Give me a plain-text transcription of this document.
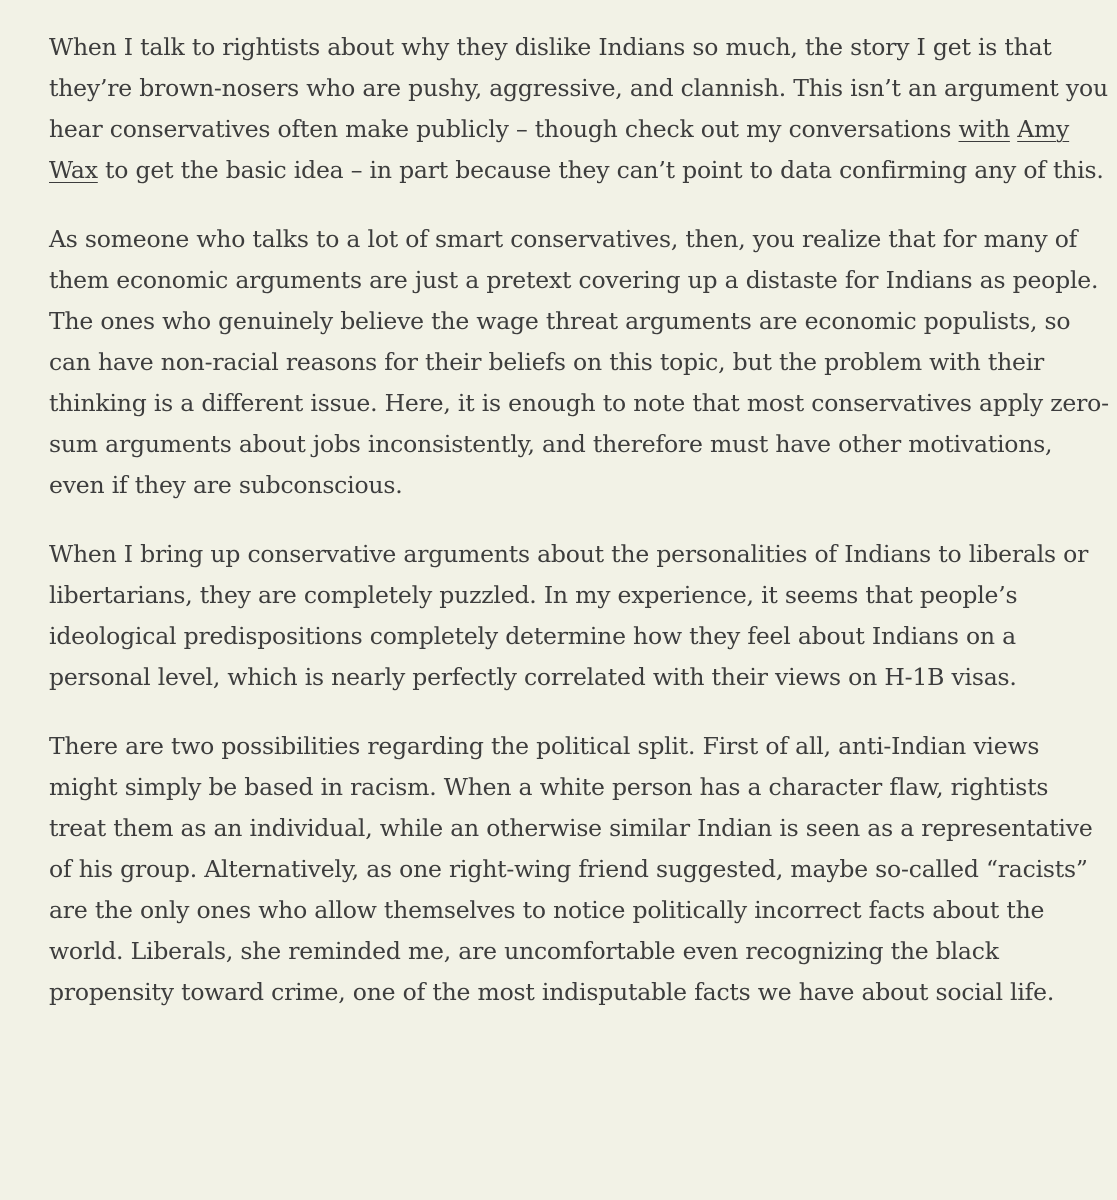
When I talk to rightists about why they dislike Indians so much, the story I get is that they’re brown-nosers who are pushy, aggressive, and clannish. This isn’t an argument you hear conservatives often make publicly – though check out my conversations with Amy Wax to get the basic idea – in part because they can’t point to data confirming any of this.

As someone who talks to a lot of smart conservatives, then, you realize that for many of them economic arguments are just a pretext covering up a distaste for Indians as people. The ones who genuinely believe the wage threat arguments are economic populists, so can have non-racial reasons for their beliefs on this topic, but the problem with their thinking is a different issue. Here, it is enough to note that most conservatives apply zero-sum arguments about jobs inconsistently, and therefore must have other motivations, even if they are subconscious.

When I bring up conservative arguments about the personalities of Indians to liberals or libertarians, they are completely puzzled. In my experience, it seems that people’s ideological predispositions completely determine how they feel about Indians on a personal level, which is nearly perfectly correlated with their views on H-1B visas.

There are two possibilities regarding the political split. First of all, anti-Indian views might simply be based in racism. When a white person has a character flaw, rightists treat them as an individual, while an otherwise similar Indian is seen as a representative of his group. Alternatively, as one right-wing friend suggested, maybe so-called “racists” are the only ones who allow themselves to notice politically incorrect facts about the world. Liberals, she reminded me, are uncomfortable even recognizing the black propensity toward crime, one of the most indisputable facts we have about social life.
